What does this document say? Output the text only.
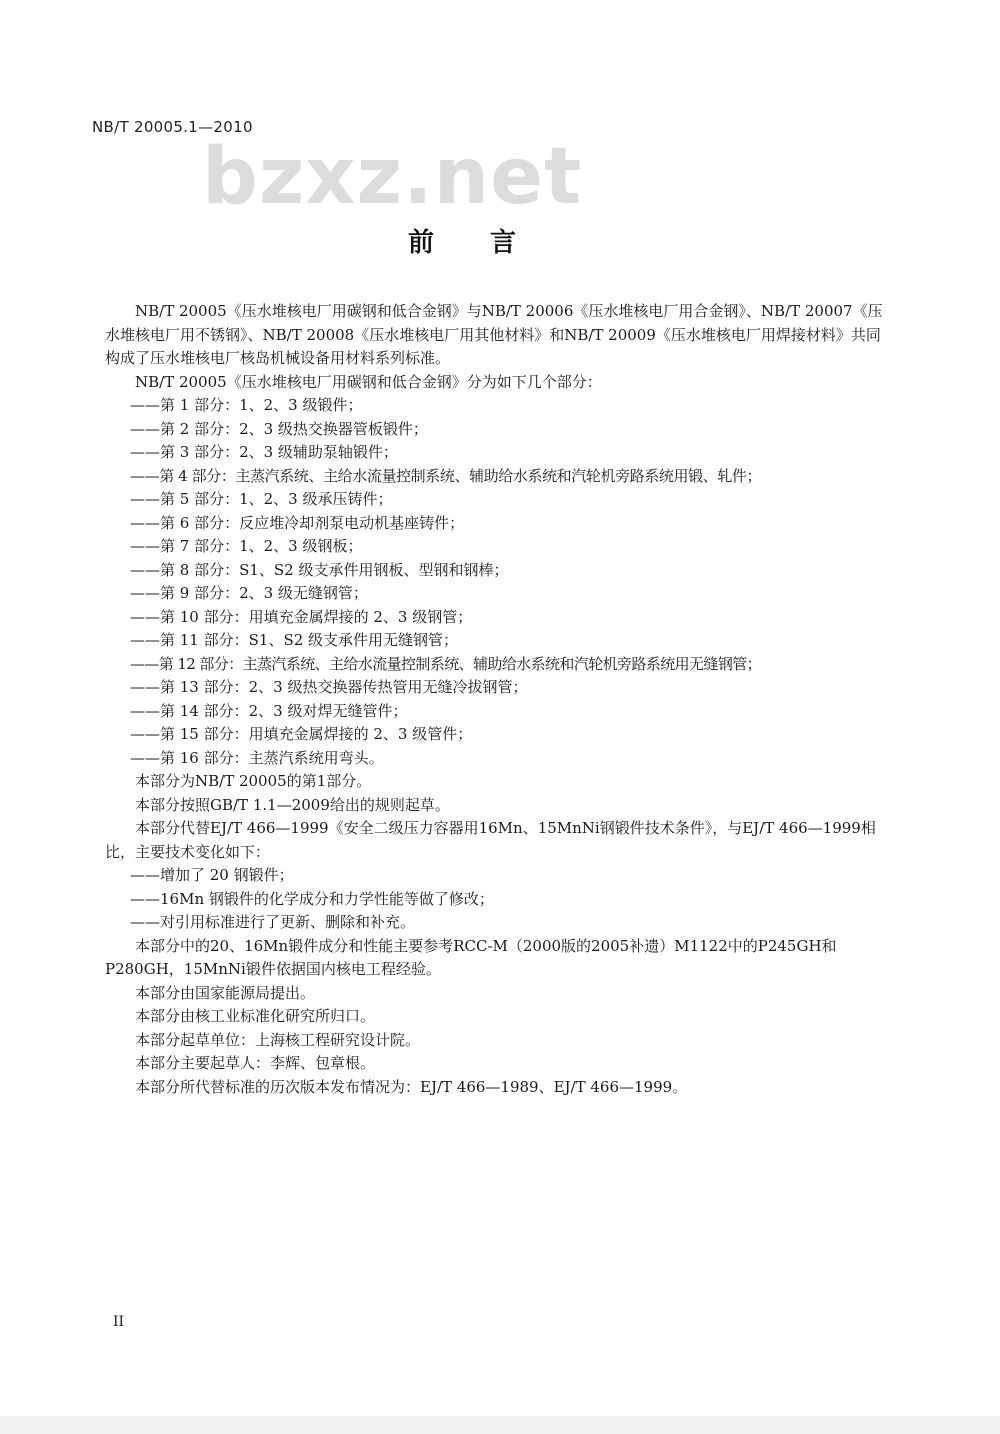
NB/T 20005.1—2010
bzxz.net
前言

NB/T 20005《压水堆核电厂用碳钢和低合金钢》与NB/T 20006《压水堆核电厂用合金钢》、NB/T 20007《压水堆核电厂用不锈钢》、NB/T 20008《压水堆核电厂用其他材料》和NB/T 20009《压水堆核电厂用焊接材料》共同构成了压水堆核电厂核岛机械设备用材料系列标准。

NB/T 20005《压水堆核电厂用碳钢和低合金钢》分为如下几个部分：

——第 1 部分：1、2、3 级锻件；

——第 2 部分：2、3 级热交换器管板锻件；

——第 3 部分：2、3 级辅助泵轴锻件；

——第 4 部分：主蒸汽系统、主给水流量控制系统、辅助给水系统和汽轮机旁路系统用锻、轧件；

——第 5 部分：1、2、3 级承压铸件；

——第 6 部分：反应堆冷却剂泵电动机基座铸件；

——第 7 部分：1、2、3 级钢板；

——第 8 部分：S1、S2 级支承件用钢板、型钢和钢棒；

——第 9 部分：2、3 级无缝钢管；

——第 10 部分：用填充金属焊接的 2、3 级钢管；

——第 11 部分：S1、S2 级支承件用无缝钢管；

——第 12 部分：主蒸汽系统、主给水流量控制系统、辅助给水系统和汽轮机旁路系统用无缝钢管；

——第 13 部分：2、3 级热交换器传热管用无缝冷拔钢管；

——第 14 部分：2、3 级对焊无缝管件；

——第 15 部分：用填充金属焊接的 2、3 级管件；

——第 16 部分：主蒸汽系统用弯头。

本部分为NB/T 20005的第1部分。

本部分按照GB/T 1.1—2009给出的规则起草。

本部分代替EJ/T 466—1999《安全二级压力容器用16Mn、15MnNi钢锻件技术条件》，与EJ/T 466—1999相比，主要技术变化如下：

——增加了 20 钢锻件；

——16Mn 钢锻件的化学成分和力学性能等做了修改；

——对引用标准进行了更新、删除和补充。

本部分中的20、16Mn锻件成分和性能主要参考RCC-M（2000版的2005补遗）M1122中的P245GH和P280GH，15MnNi锻件依据国内核电工程经验。

本部分由国家能源局提出。

本部分由核工业标准化研究所归口。

本部分起草单位：上海核工程研究设计院。

本部分主要起草人：李辉、包章根。

本部分所代替标准的历次版本发布情况为：EJ/T 466—1989、EJ/T 466—1999。

II
